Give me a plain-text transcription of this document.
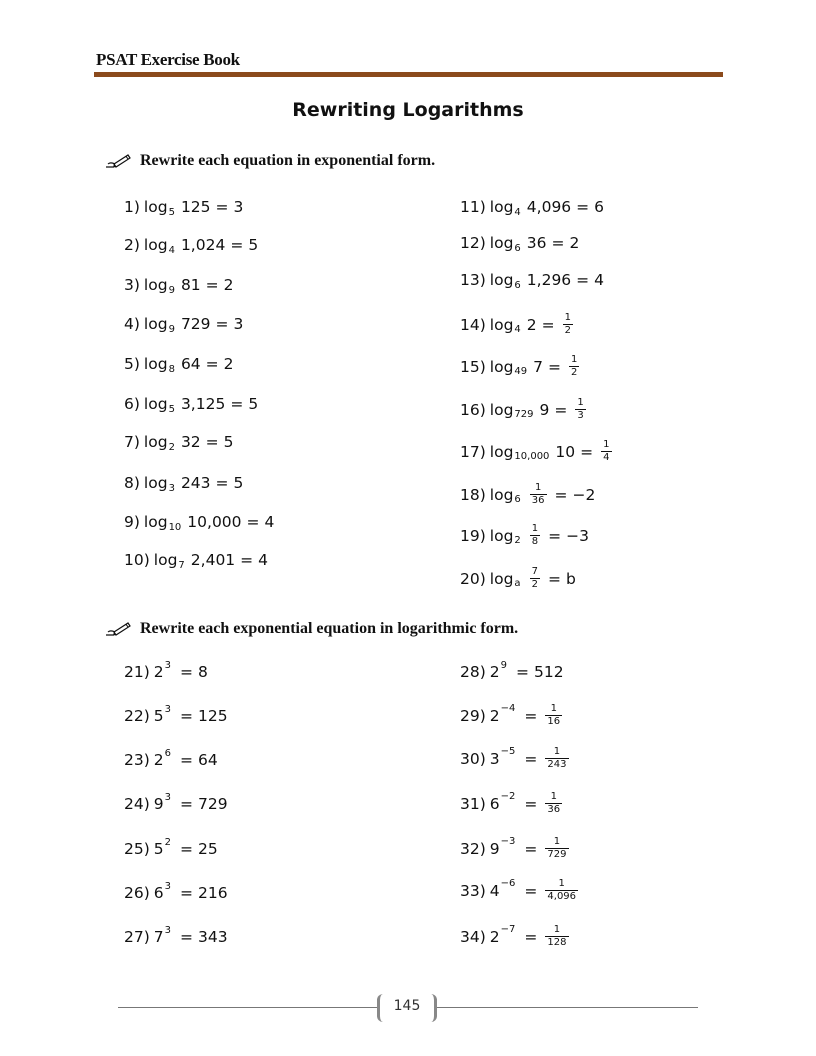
PSAT Exercise Book
Rewriting Logarithms
Rewrite each equation in exponential form.
1) log 5 125 = 3
2) log 4 1,024 = 5
3) log 9 81 = 2
4) log 9 729 = 3
5) log 8 64 = 2
6) log 5 3,125 = 5
7) log 2 32 = 5
8) log 3 243 = 5
9) log 10 10,000 = 4
10) log 7 2,401 = 4
11) log 4 4,096 = 6
12) log 6 36 = 2
13) log 6 1,296 = 4
14) log 4 $2 = \frac{1}{2}$
15) log 49 $7 = \frac{1}{2}$
16) log 729 $9 = \frac{1}{3}$
17) log 10,000 $10 = \frac{1}{4}$
18) $\log 6 \frac{1}{36} = -2$
19) $\log 2 \frac{1}{8} = -3$
20) log a $\frac{7}{2} = b$
Rewrite each exponential equation in logarithmic form.
21) 2 3 = 8
22) 5 3 = 125
23) 2 6 = 64
24) 9 3 = 729
25) 5 2 = 25
26) 6 3 = 216
27) 7 3 = 343
28) 2 9 = 512
29) $2 -4 = \frac{1}{16}$
30) $3 -5 = \frac{1}{243}$
31) $6 -2 = \frac{1}{36}$
32) $9 -3 = \frac{1}{729}$
33) $4 -6 = \frac{1}{4,096}$
34) $2 -7 = \frac{1}{128}$
145
